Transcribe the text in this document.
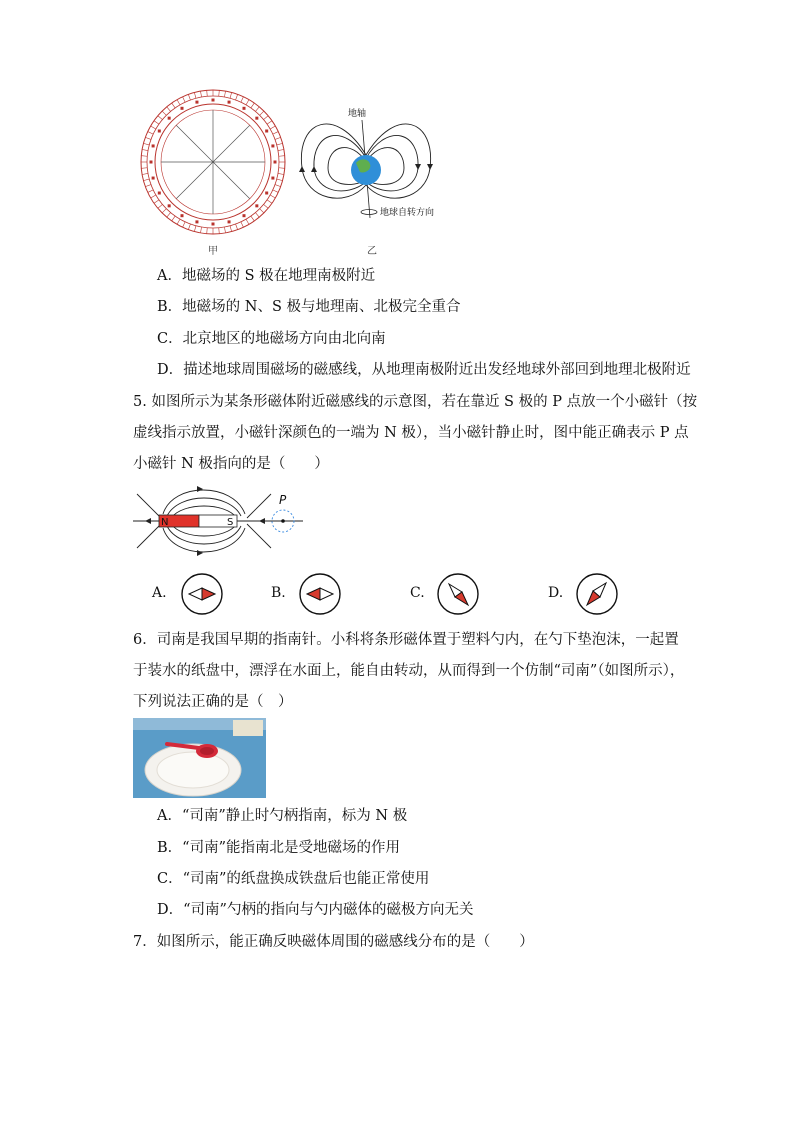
甲
地轴
地球自转方向
乙
A．地磁场的 S 极在地理南极附近
B．地磁场的 N、S 极与地理南、北极完全重合
C．北京地区的地磁场方向由北向南
D．描述地球周围磁场的磁感线，从地理南极附近出发经地球外部回到地理北极附近
5. 如图所示为某条形磁体附近磁感线的示意图，若在靠近 S 极的 P 点放一个小磁针（按
虚线指示放置，小磁针深颜色的一端为 N 极），当小磁针静止时，图中能正确表示 P 点
小磁针 N 极指向的是（　　）
N	S
P
A.	B.	C.	D.
6．司南是我国早期的指南针。小科将条形磁体置于塑料勺内，在勺下垫泡沫，一起置
于装水的纸盘中，漂浮在水面上，能自由转动，从而得到一个仿制“司南”（如图所示），
下列说法正确的是（　）
A．“司南”静止时勺柄指南，标为 N 极
B．“司南”能指南北是受地磁场的作用
C．“司南”的纸盘换成铁盘后也能正常使用
D．“司南”勺柄的指向与勺内磁体的磁极方向无关
7．如图所示，能正确反映磁体周围的磁感线分布的是（　　）
